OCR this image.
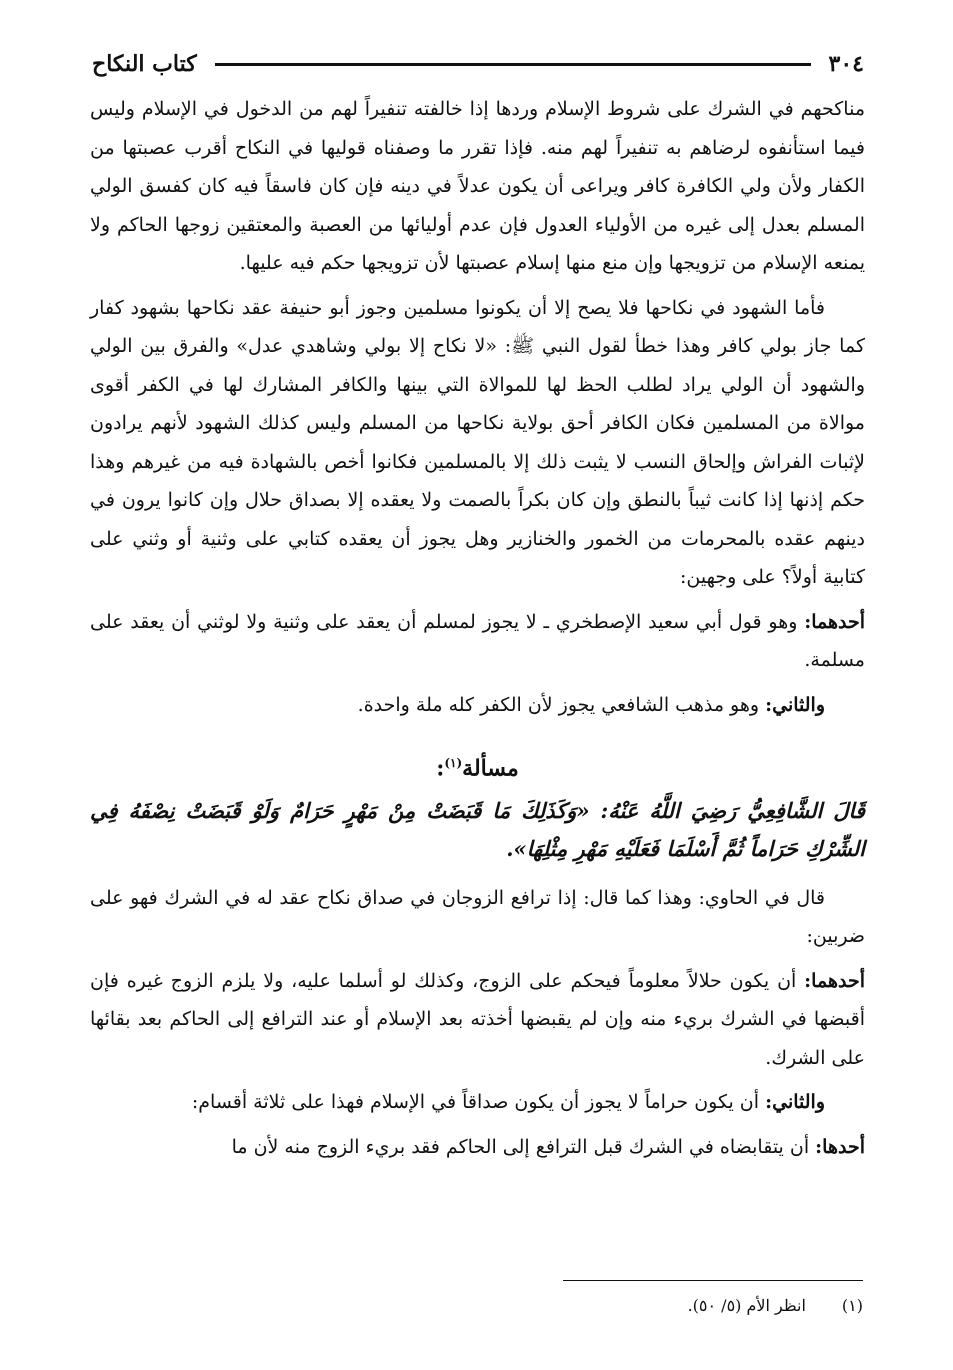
كتاب النكاح	٣٠٤

مناكحهم في الشرك على شروط الإسلام وردها إذا خالفته تنفيراً لهم من الدخول في الإسلام وليس فيما استأنفوه لرضاهم به تنفيراً لهم منه. فإذا تقرر ما وصفناه قوليها في النكاح أقرب عصبتها من الكفار ولأن ولي الكافرة كافر ويراعى أن يكون عدلاً في دينه فإن كان فاسقاً فيه كان كفسق الولي المسلم بعدل إلى غيره من الأولياء العدول فإن عدم أوليائها من العصبة والمعتقين زوجها الحاكم ولا يمنعه الإسلام من تزويجها وإن منع منها إسلام عصبتها لأن تزويجها حكم فيه عليها.

فأما الشهود في نكاحها فلا يصح إلا أن يكونوا مسلمين وجوز أبو حنيفة عقد نكاحها بشهود كفار كما جاز بولي كافر وهذا خطأ لقول النبي ﷺ: «لا نكاح إلا بولي وشاهدي عدل» والفرق بين الولي والشهود أن الولي يراد لطلب الحظ لها للموالاة التي بينها والكافر المشارك لها في الكفر أقوى موالاة من المسلمين فكان الكافر أحق بولاية نكاحها من المسلم وليس كذلك الشهود لأنهم يرادون لإثبات الفراش وإلحاق النسب لا يثبت ذلك إلا بالمسلمين فكانوا أخص بالشهادة فيه من غيرهم وهذا حكم إذنها إذا كانت ثيباً بالنطق وإن كان بكراً بالصمت ولا يعقده إلا بصداق حلال وإن كانوا يرون في دينهم عقده بالمحرمات من الخمور والخنازير وهل يجوز أن يعقده كتابي على وثنية أو وثني على كتابية أولاً؟ على وجهين:

أحدهما: وهو قول أبي سعيد الإصطخري ـ لا يجوز لمسلم أن يعقد على وثنية ولا لوثني أن يعقد على مسلمة.

والثاني: وهو مذهب الشافعي يجوز لأن الكفر كله ملة واحدة.

مسألة$^{(١)}$:

قَالَ الشَّافِعِيُّ رَضِيَ اللَّهُ عَنْهُ: «وَكَذَلِكَ مَا قَبَضَتْ مِنْ مَهْرٍ حَرَامٌ وَلَوْ قَبَضَتْ نِصْفَهُ فِي الشِّرْكِ حَرَاماً ثُمَّ أَسْلَمَا فَعَلَيْهِ مَهْرِ مِثْلِهَا».

قال في الحاوي: وهذا كما قال: إذا ترافع الزوجان في صداق نكاح عقد له في الشرك فهو على ضربين:

أحدهما: أن يكون حلالاً معلوماً فيحكم على الزوج، وكذلك لو أسلما عليه، ولا يلزم الزوج غيره فإن أقبضها في الشرك بريء منه وإن لم يقبضها أخذته بعد الإسلام أو عند الترافع إلى الحاكم بعد بقائها على الشرك.

والثاني: أن يكون حراماً لا يجوز أن يكون صداقاً في الإسلام فهذا على ثلاثة أقسام:

أحدها: أن يتقابضاه في الشرك قبل الترافع إلى الحاكم فقد بريء الزوج منه لأن ما

(١)انظر الأم (٥/ ٥٠).
